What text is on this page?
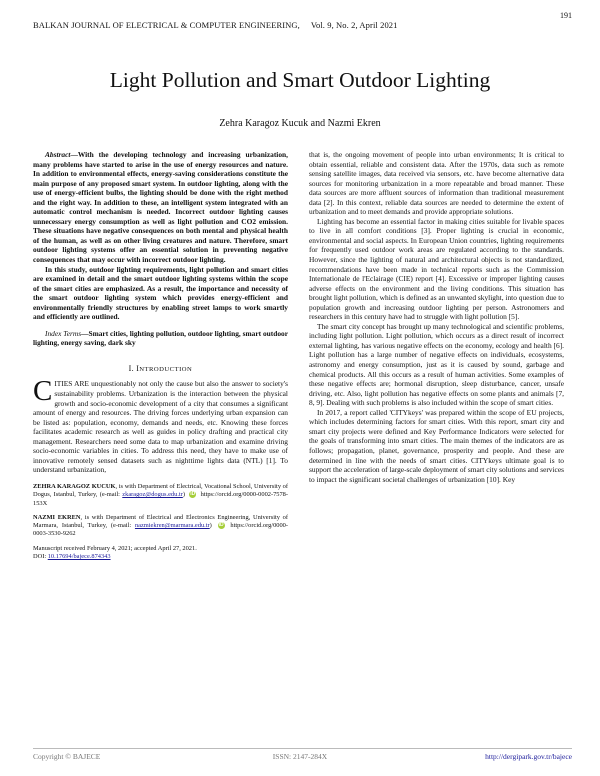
191
BALKAN JOURNAL OF ELECTRICAL & COMPUTER ENGINEERING,     Vol. 9, No. 2, April 2021
Light Pollution and Smart Outdoor Lighting
Zehra Karagoz Kucuk and Nazmi Ekren

Abstract—With the developing technology and increasing urbanization, many problems have started to arise in the use of energy resources and nature. In addition to environmental effects, energy-saving considerations constitute the main purpose of any proposed smart system. In outdoor lighting, along with the use of energy-efficient bulbs, the lighting should be done with the right method and the right way. In addition to these, an intelligent system integrated with an automatic control mechanism is needed. Incorrect outdoor lighting causes unnecessary energy consumption as well as light pollution and CO2 emission. These situations have negative consequences on both mental and physical health of the human, as well as on other living creatures and nature. Therefore, smart outdoor lighting systems offer an essential solution in preventing negative consequences that may occur with incorrect outdoor lighting.

In this study, outdoor lighting requirements, light pollution and smart cities are examined in detail and the smart outdoor lighting systems within the scope of the smart cities are emphasized. As a result, the importance and necessity of the smart outdoor lighting system which provides energy-efficient and environmentally friendly structures by enabling street lamps to work smartly and efficiently are outlined.

Index Terms—Smart cities, lighting pollution, outdoor lighting, smart outdoor lighting, energy saving, dark sky

I. INTRODUCTION

CITIES ARE unquestionably not only the cause but also the answer to society's sustainability problems. Urbanization is the interaction between the physical growth and socio-economic development of a city that consumes a significant amount of energy and resources. The driving forces underlying urban expansion can be listed as: population, economy, demands and needs, etc. Knowing these forces facilitates academic research as well as guides in policy drafting and practical city management. Researchers need some data to map urbanization and examine driving socio-economic variables in cities. To address this need, they have to make use of innovative remotely sensed datasets such as nighttime lights data (NTL) [1]. To understand urbanization,

ZEHRA KARAGOZ KUCUK, is with Department of Electrical, Vocational School, University of Dogus, Istanbul, Turkey, (e-mail: zkaragoz@dogus.edu.tr) iD https://orcid.org/0000-0002-7578-153X
NAZMI EKREN, is with Department of Electrical and Electronics Engineering, University of Marmara, Istanbul, Turkey, (e-mail: nazmiekren@marmara.edu.tr) iD https://orcid.org/0000-0003-3530-9262
Manuscript received February 4, 2021; accepted April 27, 2021.
DOI: 10.17694/bajece.874343

that is, the ongoing movement of people into urban environments; It is critical to obtain essential, reliable and consistent data. After the 1970s, data such as remote sensing satellite images, data received via sensors, etc. have become alternative data sources for monitoring urbanization in a more repeatable and broad manner. These data sources are more affluent sources of information than traditional measurement data [2]. In this context, reliable data sources are needed to determine the extent of urbanization and to meet demands and provide appropriate solutions.

Lighting has become an essential factor in making cities suitable for livable spaces to live in all comfort conditions [3]. Proper lighting is crucial in economic, environmental and social aspects. In European Union countries, lighting requirements for frequently used outdoor work areas are regulated according to the standards. However, since the lighting of natural and architectural objects is not standardized, recommendations have been made in technical reports such as the Commission Internationale de l'Eclairage (CIE) report [4]. Excessive or improper lighting causes adverse effects on the environment and the living conditions. This situation has brought light pollution, which is defined as an unwanted skylight, into question due to population growth and increasing outdoor lighting per person. Astronomers and researchers in this century have had to struggle with light pollution [5].

The smart city concept has brought up many technological and scientific problems, including light pollution. Light pollution, which occurs as a direct result of incorrect external lighting, has various negative effects on the economy, ecology and health [6]. Light pollution has a large number of negative effects on individuals, ecosystems, astronomy and energy consumption, just as it is caused by sound, garbage and chemical products. All this occurs as a result of human activities. Some examples of these negative effects are; hormonal disruption, sleep disturbance, cancer, unsafe driving, etc. Also, light pollution has negative effects on some plants and animals [7, 8, 9]. Dealing with such problems is also included within the scope of smart cities.

In 2017, a report called 'CITYkeys' was prepared within the scope of EU projects, which includes determining factors for smart cities. With this report, smart city and smart city projects were defined and Key Performance Indicators were selected for the goals of transforming into smart cities. The main themes of the indicators are as follows; propagation, planet, governance, prosperity and people. And these are determined in line with the needs of smart cities. CITYkeys ultimate goal is to support the acceleration of large-scale deployment of smart city solutions and services to impact the significant societal challenges of urbanization [10]. Key

Copyright © BAJECE	ISSN: 2147-284X	http://dergipark.gov.tr/bajece
